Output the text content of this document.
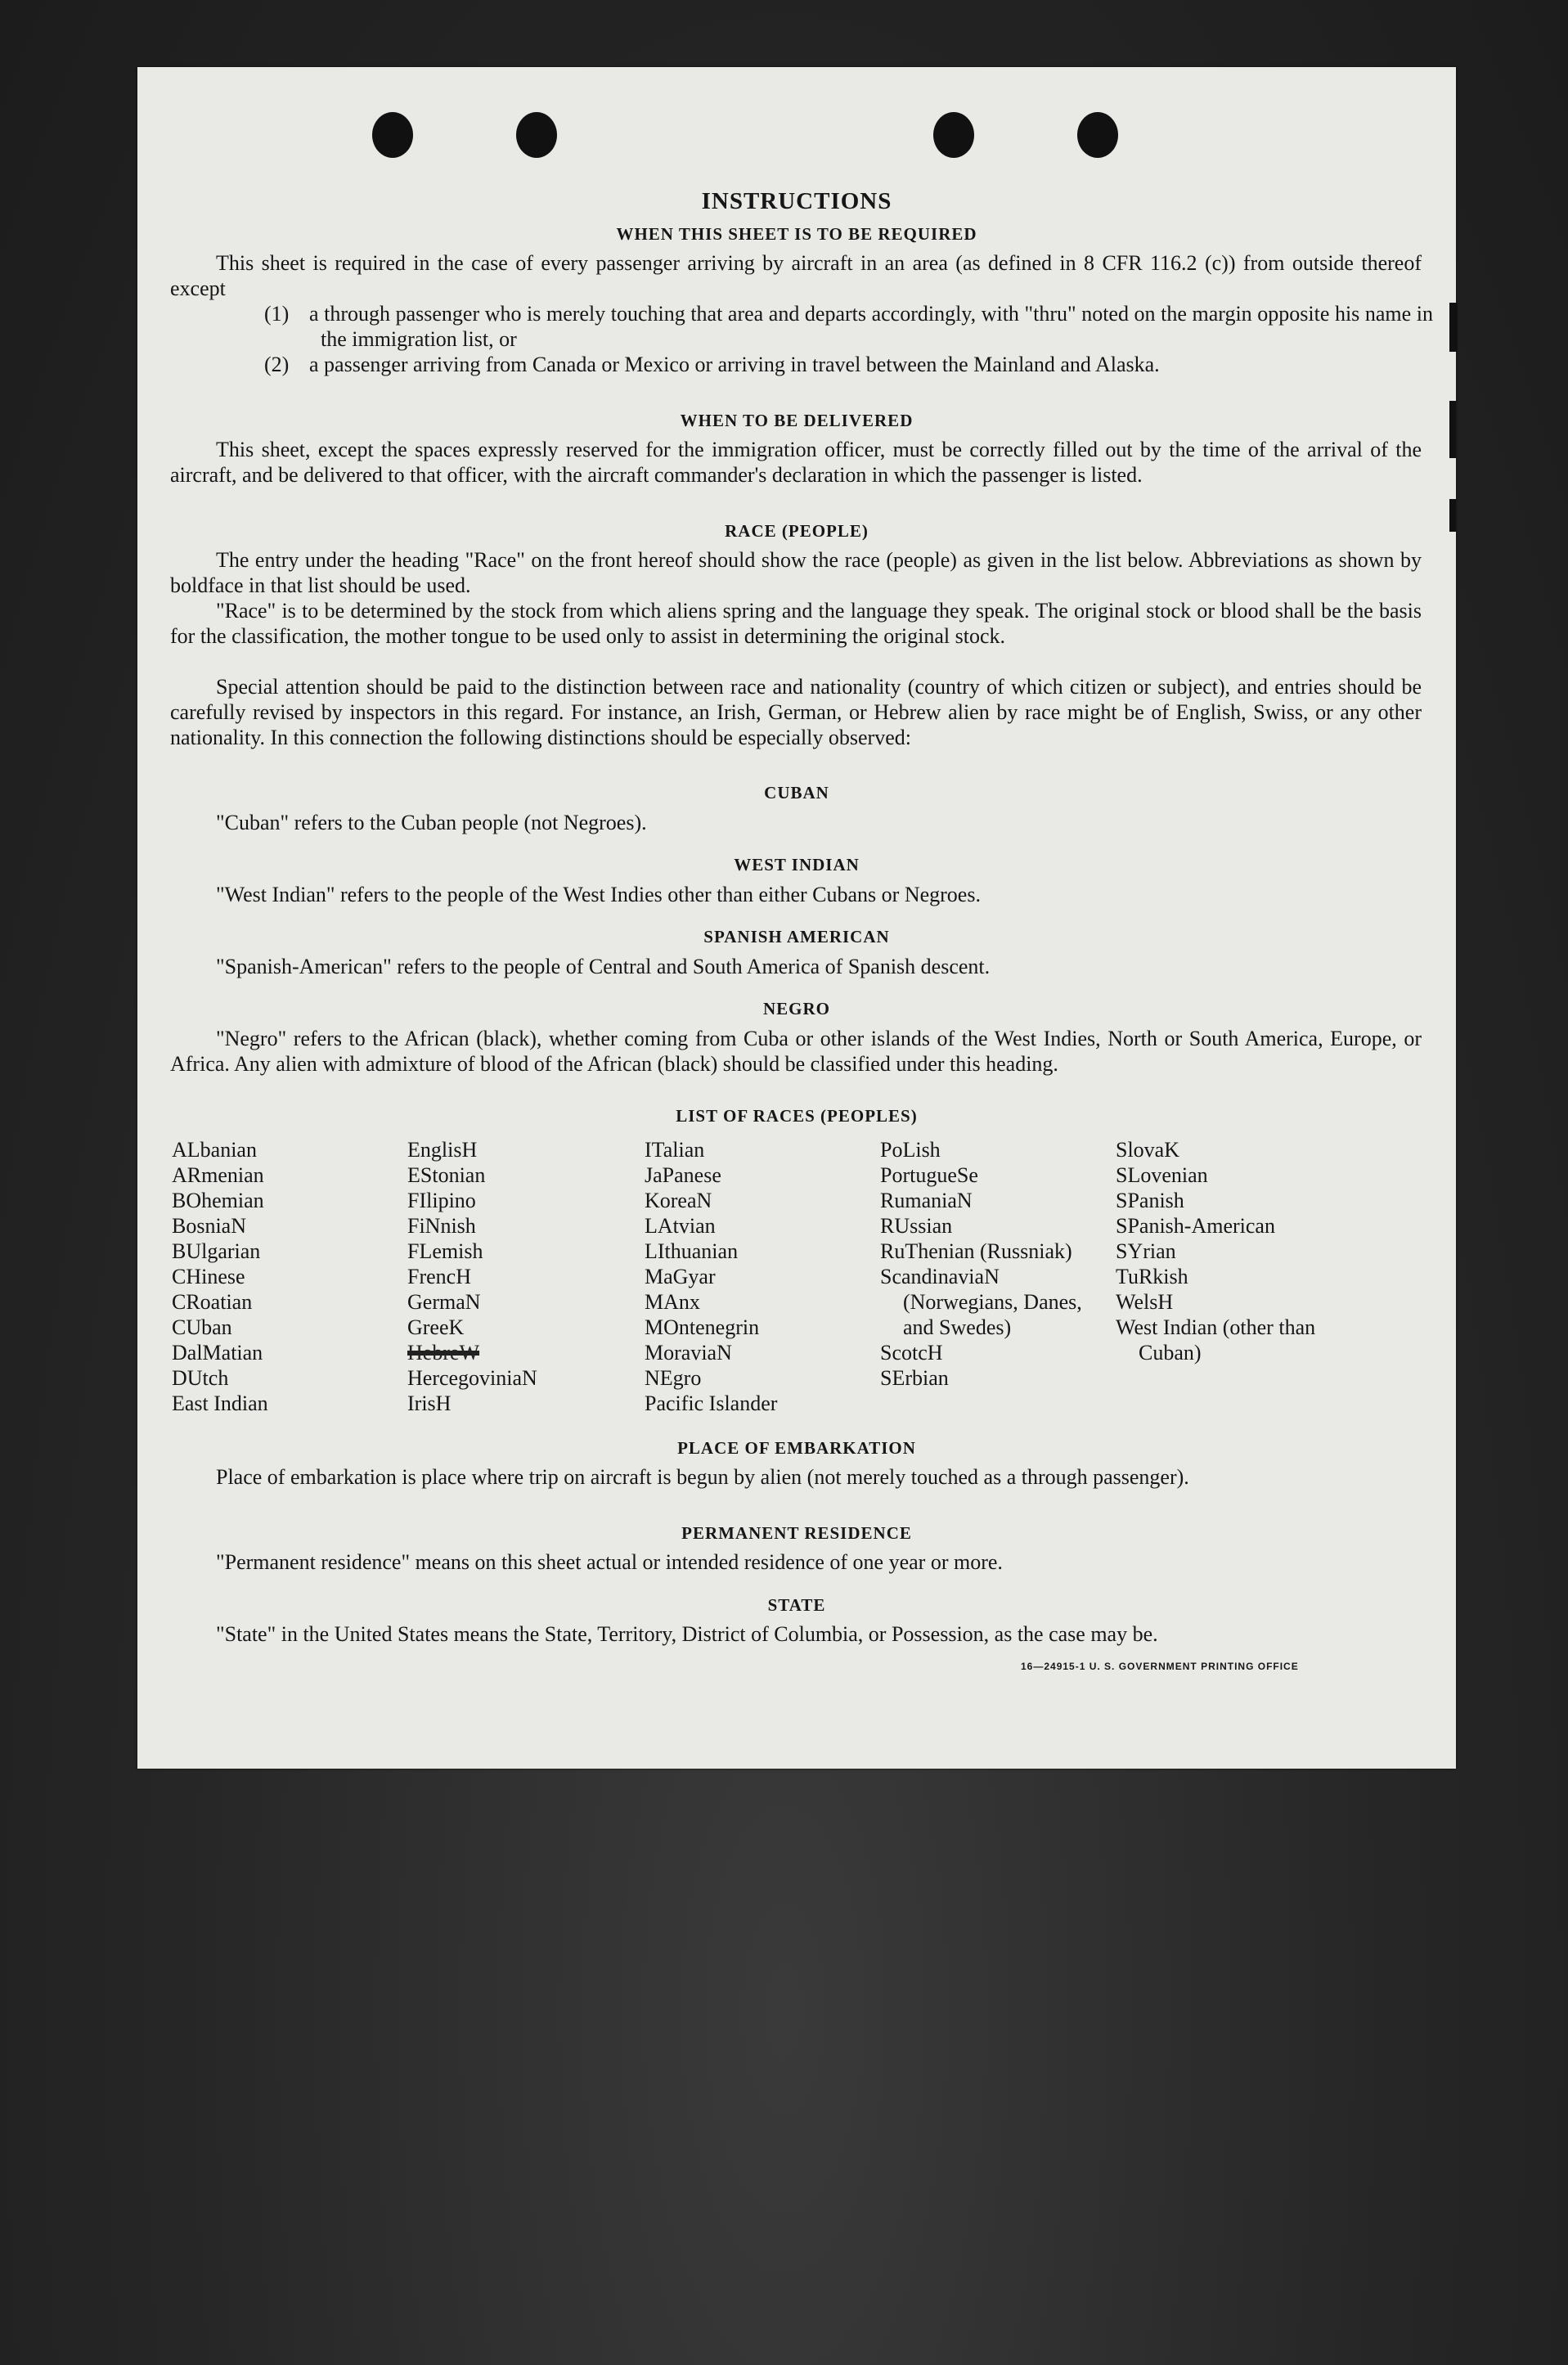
INSTRUCTIONS
WHEN THIS SHEET IS TO BE REQUIRED
This sheet is required in the case of every passenger arriving by aircraft in an area (as defined in 8 CFR 116.2 (c)) from outside thereof except
(1) a through passenger who is merely touching that area and departs accordingly, with "thru" noted on the margin opposite his name in the immigration list, or
(2) a passenger arriving from Canada or Mexico or arriving in travel between the Mainland and Alaska.
WHEN TO BE DELIVERED
This sheet, except the spaces expressly reserved for the immigration officer, must be correctly filled out by the time of the arrival of the aircraft, and be delivered to that officer, with the aircraft commander's declaration in which the passenger is listed.
RACE (PEOPLE)
The entry under the heading "Race" on the front hereof should show the race (people) as given in the list below. Abbreviations as shown by boldface in that list should be used.
"Race" is to be determined by the stock from which aliens spring and the language they speak. The original stock or blood shall be the basis for the classification, the mother tongue to be used only to assist in determining the original stock.
Special attention should be paid to the distinction between race and nationality (country of which citizen or subject), and entries should be carefully revised by inspectors in this regard. For instance, an Irish, German, or Hebrew alien by race might be of English, Swiss, or any other nationality. In this connection the following distinctions should be especially observed:
CUBAN
"Cuban" refers to the Cuban people (not Negroes).
WEST INDIAN
"West Indian" refers to the people of the West Indies other than either Cubans or Negroes.
SPANISH AMERICAN
"Spanish-American" refers to the people of Central and South America of Spanish descent.
NEGRO
"Negro" refers to the African (black), whether coming from Cuba or other islands of the West Indies, North or South America, Europe, or Africa. Any alien with admixture of blood of the African (black) should be classified under this heading.
LIST OF RACES (PEOPLES)
ALbanian
ARmenian
BOhemian
BosniaN
BUlgarian
CHinese
CRoatian
CUban
DalMatian
DUtch
East Indian
EnglisH
EStonian
FIlipino
FiNnish
FLemish
FrencH
GermaN
GreeK
HebreW
HercegoviniaN
IrisH
ITalian
JaPanese
KoreaN
LAtvian
LIthuanian
MaGyar
MAnx
MOntenegrin
MoraviaN
NEgro
Pacific Islander
PoLish
PortugueSe
RumaniaN
RUssian
RuThenian (Russniak)
ScandinaviaN (Norwegians, Danes, and Swedes)
ScotcH
SErbian
SlovaK
SLovenian
SPanish
SPanish-American
SYrian
TuRkish
WelsH
West Indian (other than Cuban)
PLACE OF EMBARKATION
Place of embarkation is place where trip on aircraft is begun by alien (not merely touched as a through passenger).
PERMANENT RESIDENCE
"Permanent residence" means on this sheet actual or intended residence of one year or more.
STATE
"State" in the United States means the State, Territory, District of Columbia, or Possession, as the case may be.
16—24915-1 U. S. GOVERNMENT PRINTING OFFICE
